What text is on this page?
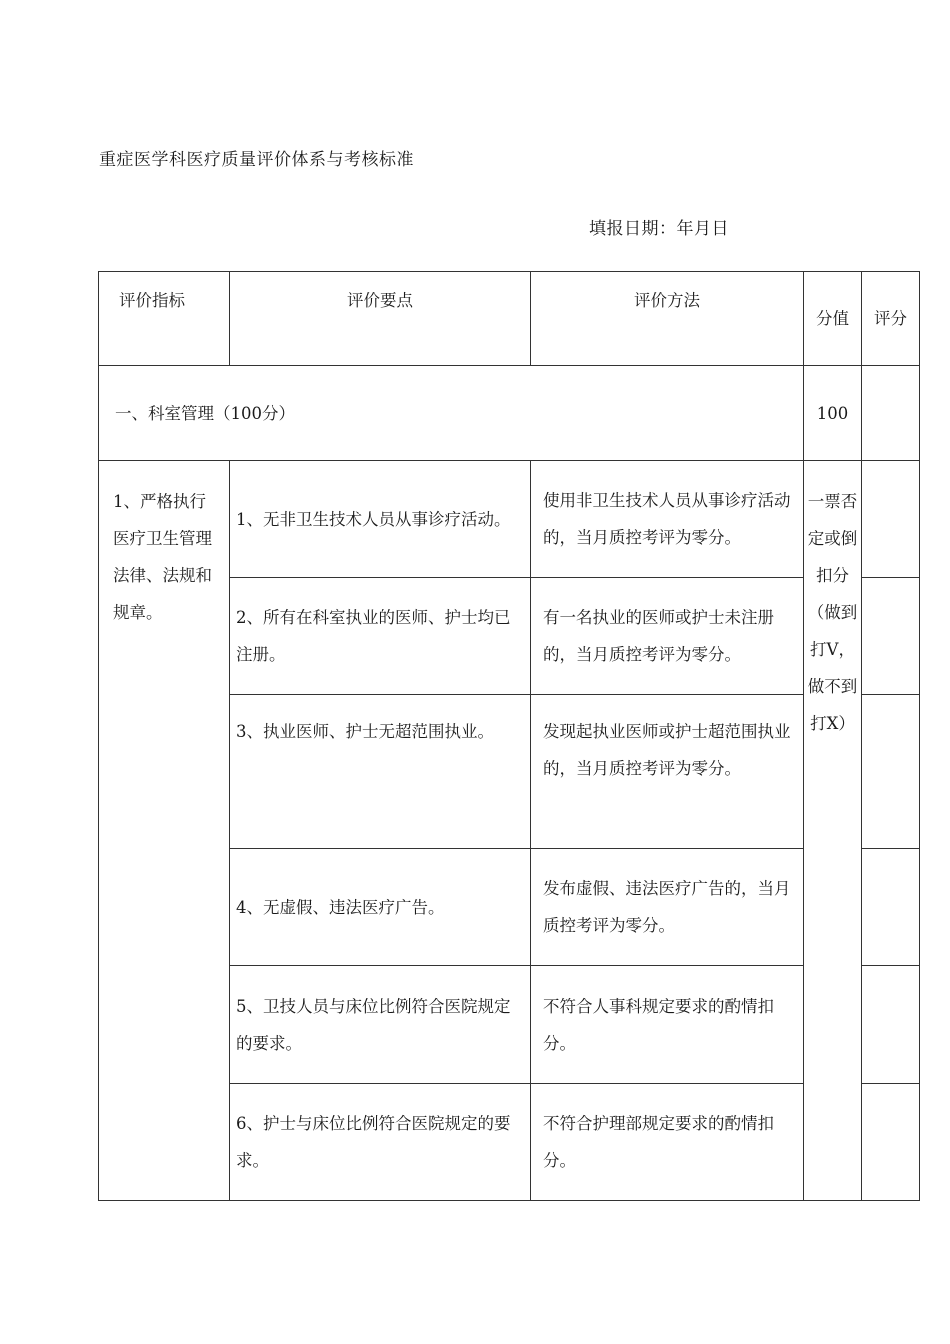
重症医学科医疗质量评价体系与考核标准
填报日期：年月日
评价指标	评价要点	评价方法	分值	评分
一、科室管理（100分）			100	
1、严格执行医疗卫生管理法律、法规和规章。	1、无非卫生技术人员从事诊疗活动。	使用非卫生技术人员从事诊疗活动的，当月质控考评为零分。	一票否定或倒扣分（做到打V，做不到打X）	
	2、所有在科室执业的医师、护士均已注册。	有一名执业的医师或护士未注册的，当月质控考评为零分。		
	3、执业医师、护士无超范围执业。	发现起执业医师或护士超范围执业的，当月质控考评为零分。		
	4、无虚假、违法医疗广告。	发布虚假、违法医疗广告的，当月质控考评为零分。		
	5、卫技人员与床位比例符合医院规定的要求。	不符合人事科规定要求的酌情扣分。		
	6、护士与床位比例符合医院规定的要求。	不符合护理部规定要求的酌情扣分。		
